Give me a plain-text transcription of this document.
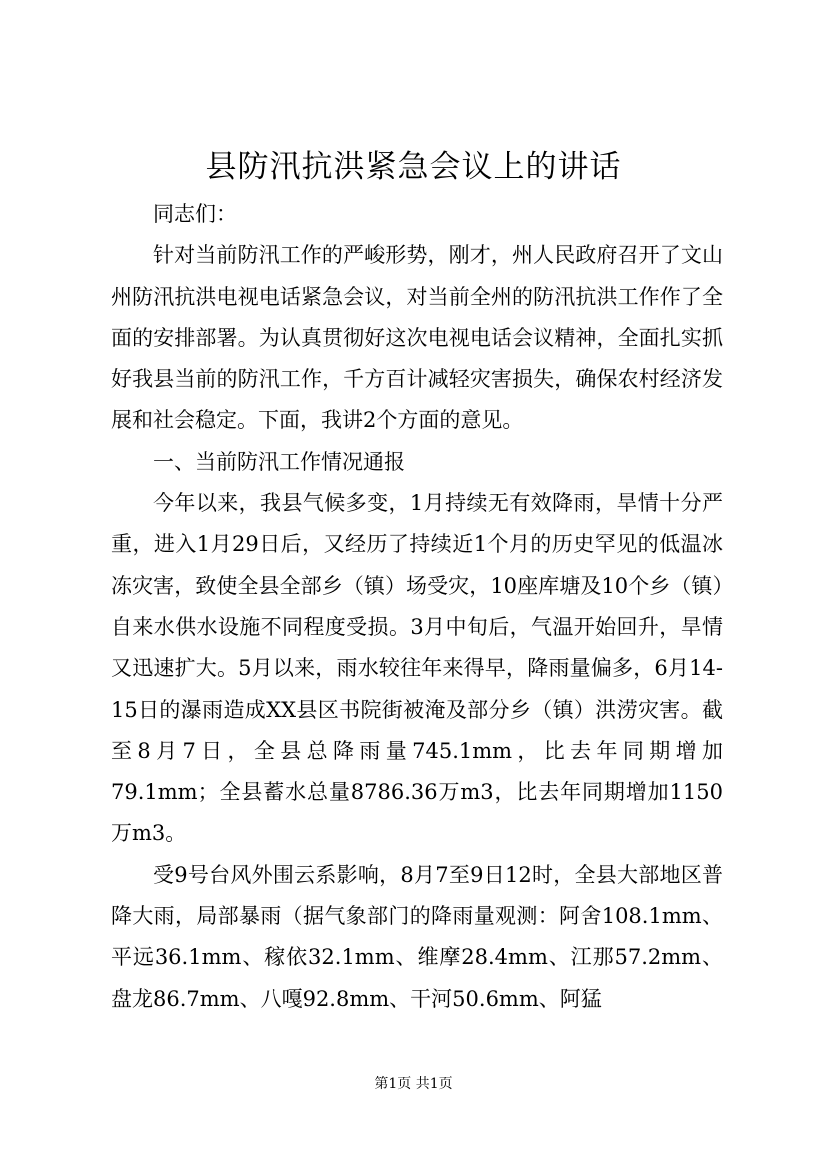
县防汛抗洪紧急会议上的讲话

同志们：

针对当前防汛工作的严峻形势，刚才，州人民政府召开了文山州防汛抗洪电视电话紧急会议，对当前全州的防汛抗洪工作作了全面的安排部署。为认真贯彻好这次电视电话会议精神，全面扎实抓好我县当前的防汛工作，千方百计减轻灾害损失，确保农村经济发展和社会稳定。下面，我讲2个方面的意见。

一、当前防汛工作情况通报

今年以来，我县气候多变，1月持续无有效降雨，旱情十分严重，进入1月29日后，又经历了持续近1个月的历史罕见的低温冰冻灾害，致使全县全部乡（镇）场受灾，10座库塘及10个乡（镇）自来水供水设施不同程度受损。3月中旬后，气温开始回升，旱情又迅速扩大。5月以来，雨水较往年来得早，降雨量偏多，6月14-15日的瀑雨造成XX县区书院街被淹及部分乡（镇）洪涝灾害。截至8月7日，全县总降雨量745.1mm，比去年同期增加79.1mm；全县蓄水总量8786.36万m3，比去年同期增加1150万m3。

受9号台风外围云系影响，8月7至9日12时，全县大部地区普降大雨，局部暴雨（据气象部门的降雨量观测：阿舍108.1mm、平远36.1mm、稼依32.1mm、维摩28.4mm、江那57.2mm、盘龙86.7mm、八嘎92.8mm、干河50.6mm、阿猛

第1页 共1页
